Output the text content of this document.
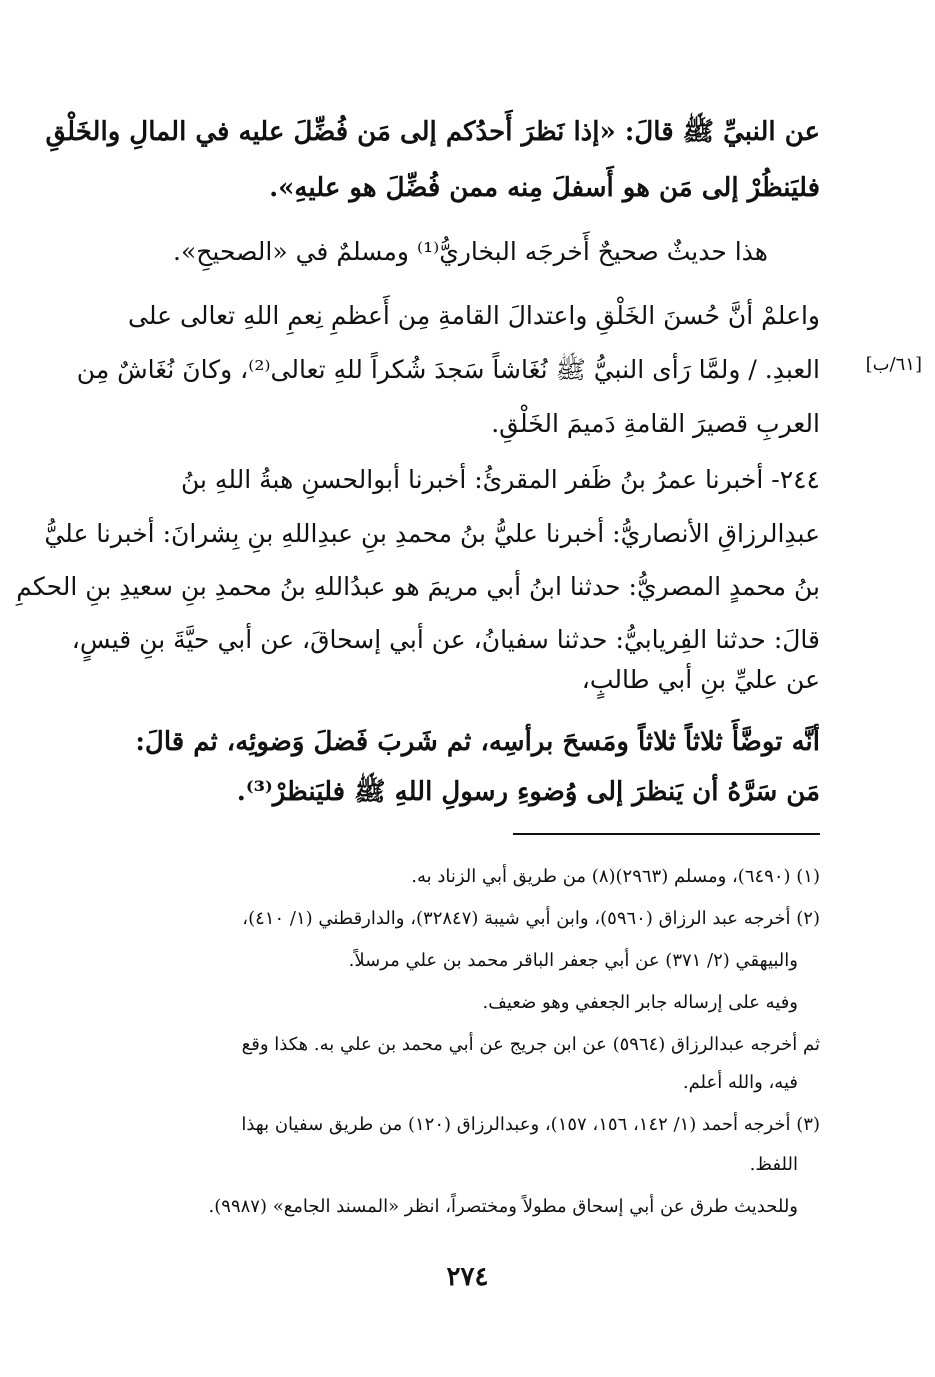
عن النبيِّ ﷺ قالَ: «إذا نَظرَ أَحدُكم إلى مَن فُضِّلَ عليه في المالِ والخَلْقِ
فليَنظُرْ إلى مَن هو أَسفلَ مِنه ممن فُضِّلَ هو عليهِ».
هذا حديثٌ صحيحٌ أَخرجَه البخاريُّ⁽¹⁾ ومسلمٌ في «الصحيحِ».
واعلمْ أنَّ حُسنَ الخَلْقِ واعتدالَ القامةِ مِن أَعظمِ نِعمِ اللهِ تعالى على
العبدِ. / ولمَّا رَأى النبيُّ ﷺ نُغَاشاً سَجدَ شُكراً للهِ تعالى⁽²⁾، وكانَ نُغَاشٌ مِن
العربِ قصيرَ القامةِ دَميمَ الخَلْقِ.
٢٤٤- أخبرنا عمرُ بنُ ظَفر المقرئُ: أخبرنا أبوالحسنِ هبةُ اللهِ بنُ
عبدِالرزاقِ الأنصاريُّ: أخبرنا عليُّ بنُ محمدِ بنِ عبدِاللهِ بنِ بِشرانَ: أخبرنا عليُّ
بنُ محمدٍ المصريُّ: حدثنا ابنُ أبي مريمَ هو عبدُاللهِ بنُ محمدِ بنِ سعيدِ بنِ الحكمِ
قالَ: حدثنا الفِريابيُّ: حدثنا سفيانُ، عن أبي إسحاقَ، عن أبي حيَّةَ بنِ قيسٍ،
عن عليِّ بنِ أبي طالبٍ،
أنَّه توضَّأَ ثلاثاً ثلاثاً ومَسحَ برأسِه، ثم شَربَ فَضلَ وَضوئِه، ثم قالَ:
مَن سَرَّهُ أن يَنظرَ إلى وُضوءِ رسولِ اللهِ ﷺ فليَنظرْ⁽³⁾.
[٦١/ب]
(١) (٦٤٩٠)، ومسلم (٢٩٦٣)(٨) من طريق أبي الزناد به.
(٢) أخرجه عبد الرزاق (٥٩٦٠)، وابن أبي شيبة (٣٢٨٤٧)، والدارقطني (١/ ٤١٠)،
والبيهقي (٢/ ٣٧١) عن أبي جعفر الباقر محمد بن علي مرسلاً.
وفيه على إرساله جابر الجعفي وهو ضعيف.
ثم أخرجه عبدالرزاق (٥٩٦٤) عن ابن جريج عن أبي محمد بن علي به. هكذا وقع
فيه، والله أعلم.
(٣) أخرجه أحمد (١/ ١٤٢، ١٥٦، ١٥٧)، وعبدالرزاق (١٢٠) من طريق سفيان بهذا
اللفظ.
وللحديث طرق عن أبي إسحاق مطولاً ومختصراً، انظر «المسند الجامع» (٩٩٨٧).
٢٧٤
